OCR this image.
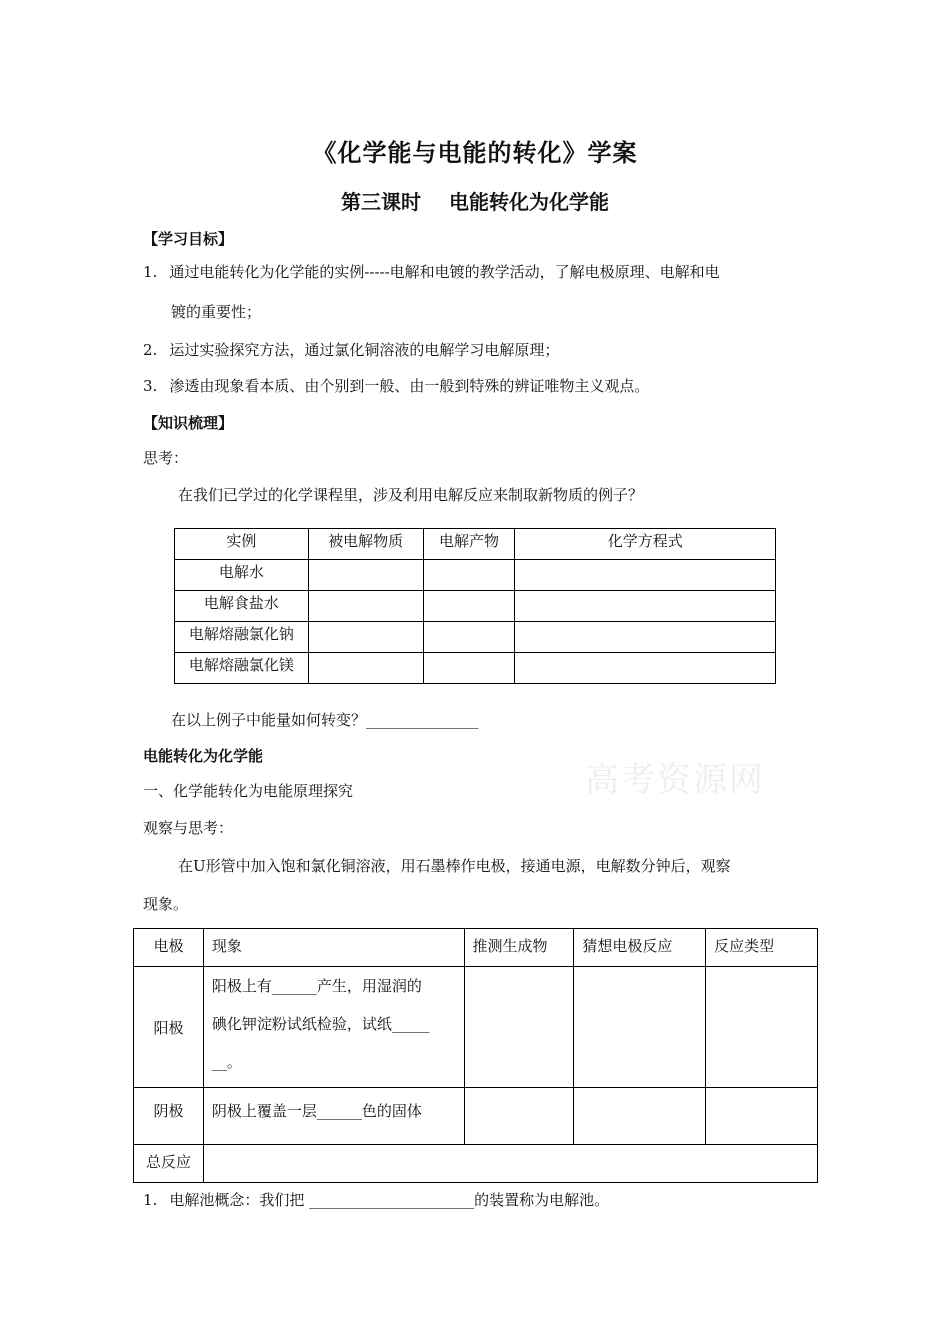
《化学能与电能的转化》学案
第三课时 电能转化为化学能
【学习目标】
1. 通过电能转化为化学能的实例-----电解和电镀的教学活动，了解电极原理、电解和电
镀的重要性；
2. 运过实验探究方法，通过氯化铜溶液的电解学习电解原理；
3. 渗透由现象看本质、由个别到一般、由一般到特殊的辨证唯物主义观点。
【知识梳理】
思考：
在我们已学过的化学课程里，涉及利用电解反应来制取新物质的例子？
实例	被电解物质	电解产物	化学方程式
电解水			
电解食盐水			
电解熔融氯化钠			
电解熔融氯化镁			
在以上例子中能量如何转变？_______________
高考资源网
电能转化为化学能
一、化学能转化为电能原理探究
观察与思考：
在U形管中加入饱和氯化铜溶液，用石墨棒作电极，接通电源，电解数分钟后，观察
现象。
电极	现象	推测生成物	猜想电极反应	反应类型
阳极	阳极上有______产生，用湿润的
碘化钾淀粉试纸检验，试纸_____
__。			

阴极	阴极上覆盖一层______色的固体			
总反应				
1. 电解池概念：我们把 ______________________的装置称为电解池。
